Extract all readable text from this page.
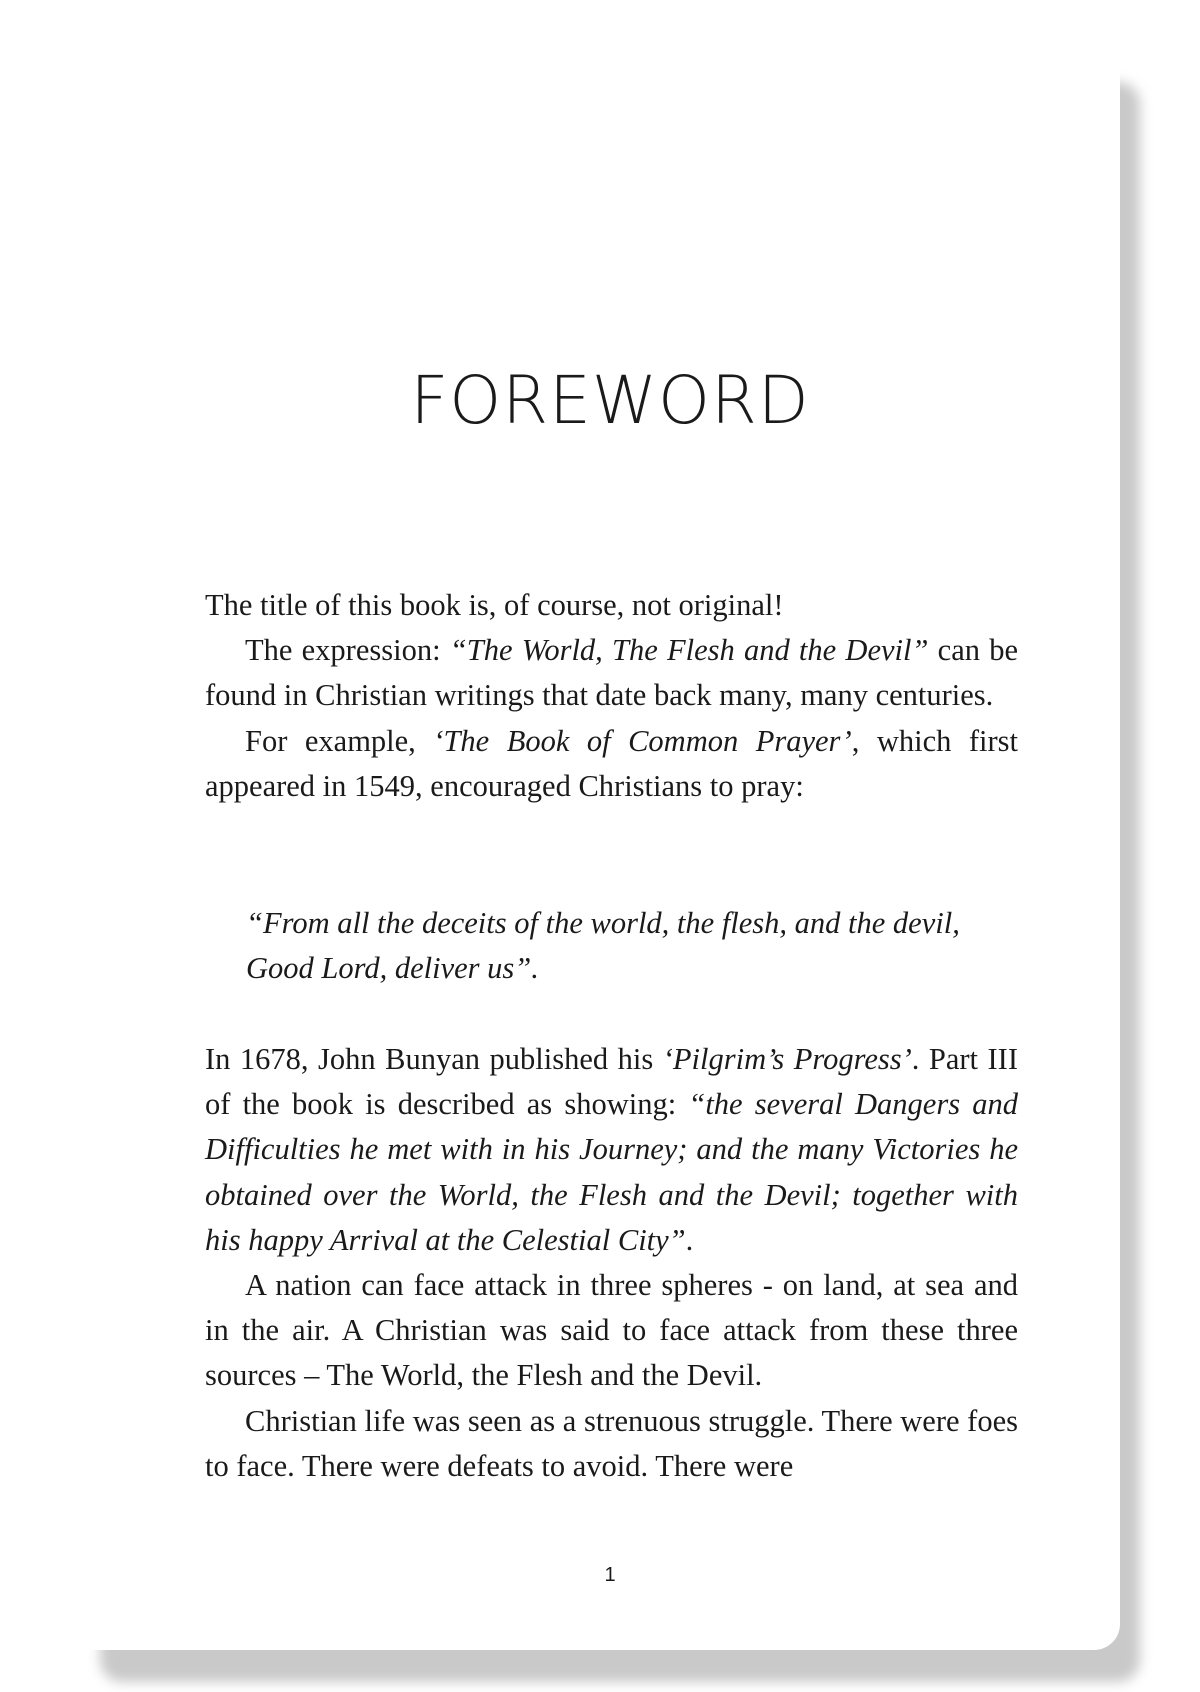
FOREWORD

The title of this book is, of course, not original!

The expression: “The World, The Flesh and the Devil” can be found in Christian writings that date back many, many centuries.

For example, ‘The Book of Common Prayer’, which first appeared in 1549, encouraged Christians to pray:

“From all the deceits of the world, the flesh, and the devil,
Good Lord, deliver us”.

In 1678, John Bunyan published his ‘Pilgrim’s Progress’. Part III of the book is described as showing: “the several Dangers and Difficulties he met with in his Journey; and the many Victories he obtained over the World, the Flesh and the Devil; together with his happy Arrival at the Celestial City”.

A nation can face attack in three spheres - on land, at sea and in the air. A Christian was said to face attack from these three sources – The World, the Flesh and the Devil.

Christian life was seen as a strenuous struggle. There were foes to face. There were defeats to avoid. There were

1
